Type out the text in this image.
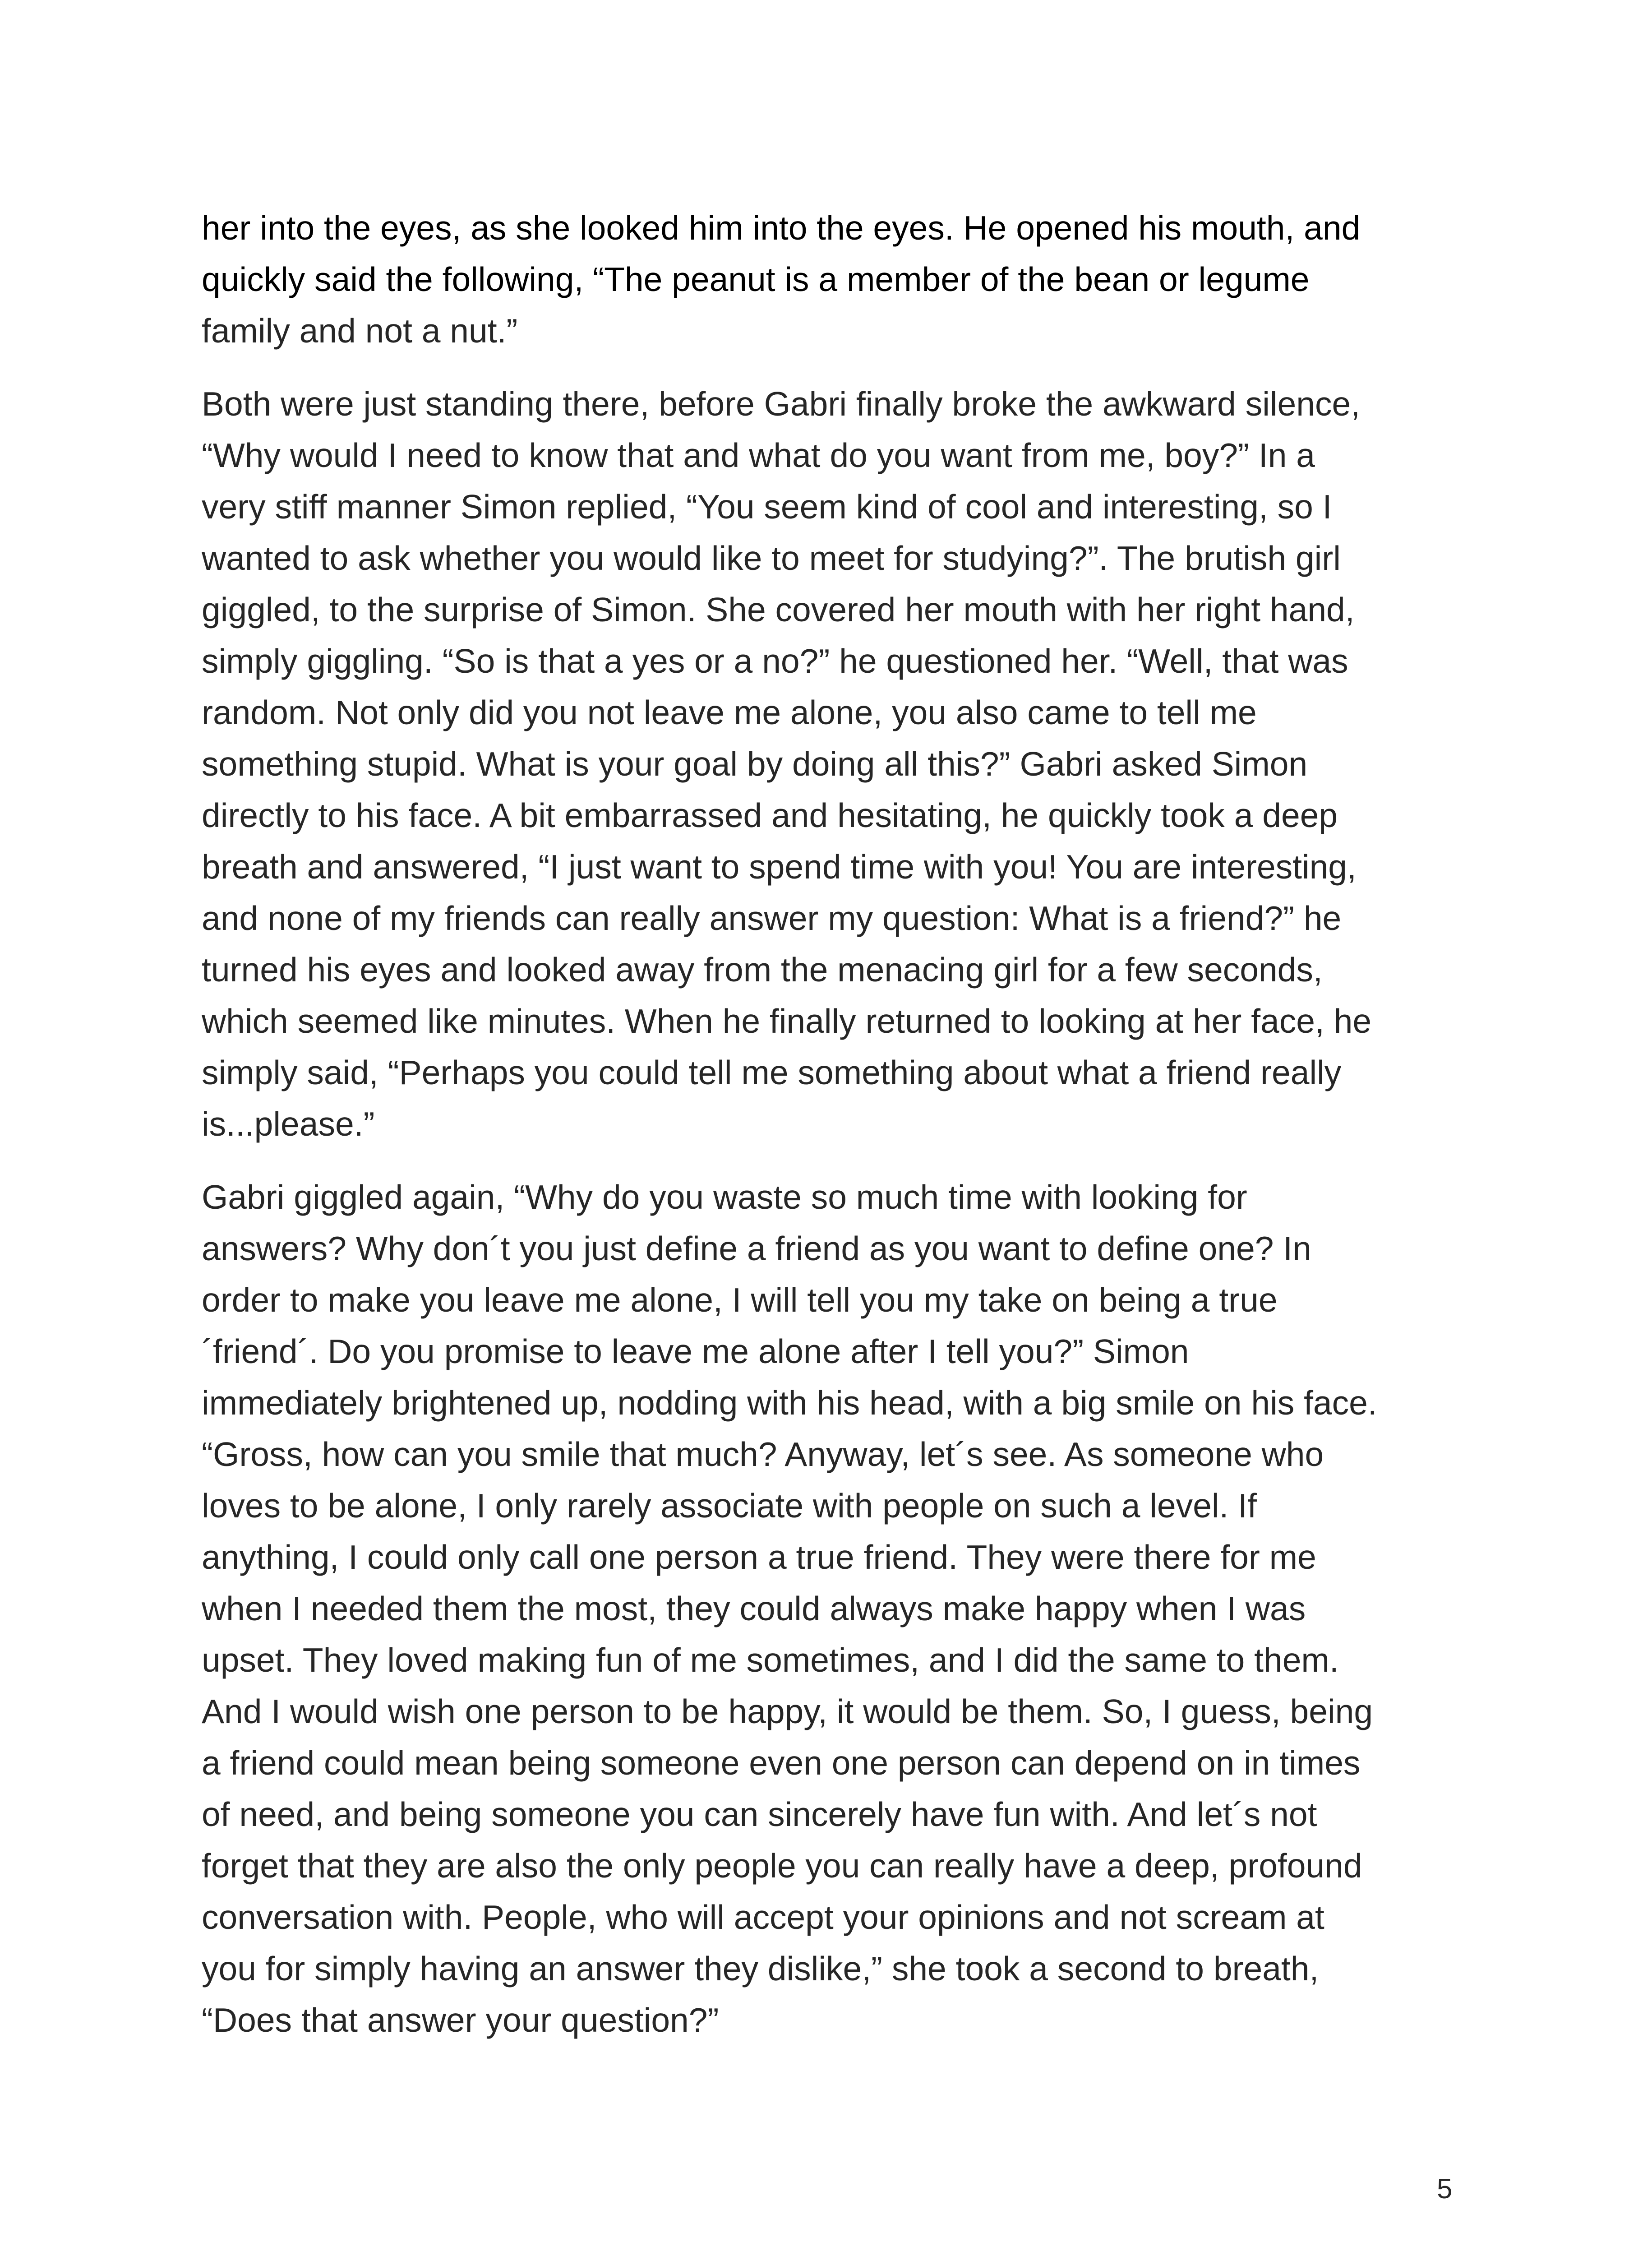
her into the eyes, as she looked him into the eyes. He opened his mouth, and
quickly said the following, “The peanut is a member of the bean or legume
family and not a nut.”

Both were just standing there, before Gabri finally broke the awkward silence,
“Why would I need to know that and what do you want from me, boy?” In a
very stiff manner Simon replied, “You seem kind of cool and interesting, so I
wanted to ask whether you would like to meet for studying?”. The brutish girl
giggled, to the surprise of Simon. She covered her mouth with her right hand,
simply giggling. “So is that a yes or a no?” he questioned her. “Well, that was
random. Not only did you not leave me alone, you also came to tell me
something stupid. What is your goal by doing all this?” Gabri asked Simon
directly to his face. A bit embarrassed and hesitating, he quickly took a deep
breath and answered, “I just want to spend time with you! You are interesting,
and none of my friends can really answer my question: What is a friend?” he
turned his eyes and looked away from the menacing girl for a few seconds,
which seemed like minutes. When he finally returned to looking at her face, he
simply said, “Perhaps you could tell me something about what a friend really
is...please.”

Gabri giggled again, “Why do you waste so much time with looking for
answers? Why don´t you just define a friend as you want to define one? In
order to make you leave me alone, I will tell you my take on being a true
´friend´. Do you promise to leave me alone after I tell you?” Simon
immediately brightened up, nodding with his head, with a big smile on his face.
“Gross, how can you smile that much? Anyway, let´s see. As someone who
loves to be alone, I only rarely associate with people on such a level. If
anything, I could only call one person a true friend. They were there for me
when I needed them the most, they could always make happy when I was
upset. They loved making fun of me sometimes, and I did the same to them.
And I would wish one person to be happy, it would be them. So, I guess, being
a friend could mean being someone even one person can depend on in times
of need, and being someone you can sincerely have fun with. And let´s not
forget that they are also the only people you can really have a deep, profound
conversation with. People, who will accept your opinions and not scream at
you for simply having an answer they dislike,” she took a second to breath,
“Does that answer your question?”

5
